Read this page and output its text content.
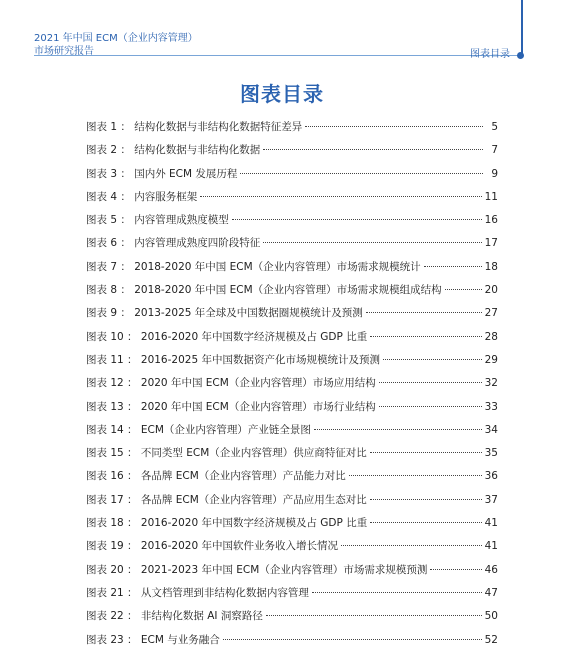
2021 年中国 ECM（企业内容管理）
市场研究报告	图表目录
图表目录
图表 1 ：
结构化数据与非结构化数据特征差异	5
图表 2 ：
结构化数据与非结构化数据	7
图表 3 ：
国内外 ECM 发展历程	9
图表 4 ：
内容服务框架	11
图表 5 ：
内容管理成熟度模型	16
图表 6 ：
内容管理成熟度四阶段特征	17
图表 7 ：
2018-2020 年中国 ECM（企业内容管理）市场需求规模统计	18
图表 8 ：
2018-2020 年中国 ECM（企业内容管理）市场需求规模组成结构	20
图表 9 ：
2013-2025 年全球及中国数据圈规模统计及预测	27
图表 10 ：
2016-2020 年中国数字经济规模及占 GDP 比重	28
图表 11 ：
2016-2025 年中国数据资产化市场规模统计及预测	29
图表 12 ：
2020 年中国 ECM（企业内容管理）市场应用结构	32
图表 13 ：
2020 年中国 ECM（企业内容管理）市场行业结构	33
图表 14 ：
ECM（企业内容管理）产业链全景图	34
图表 15 ：
不同类型 ECM（企业内容管理）供应商特征对比	35
图表 16 ：
各品牌 ECM（企业内容管理）产品能力对比	36
图表 17 ：
各品牌 ECM（企业内容管理）产品应用生态对比	37
图表 18 ：
2016-2020 年中国数字经济规模及占 GDP 比重	41
图表 19 ：
2016-2020 年中国软件业务收入增长情况	41
图表 20 ：
2021-2023 年中国 ECM（企业内容管理）市场需求规模预测	46
图表 21 ：
从文档管理到非结构化数据内容管理	47
图表 22 ：
非结构化数据 AI 洞察路径	50
图表 23 ：
ECM 与业务融合	52
